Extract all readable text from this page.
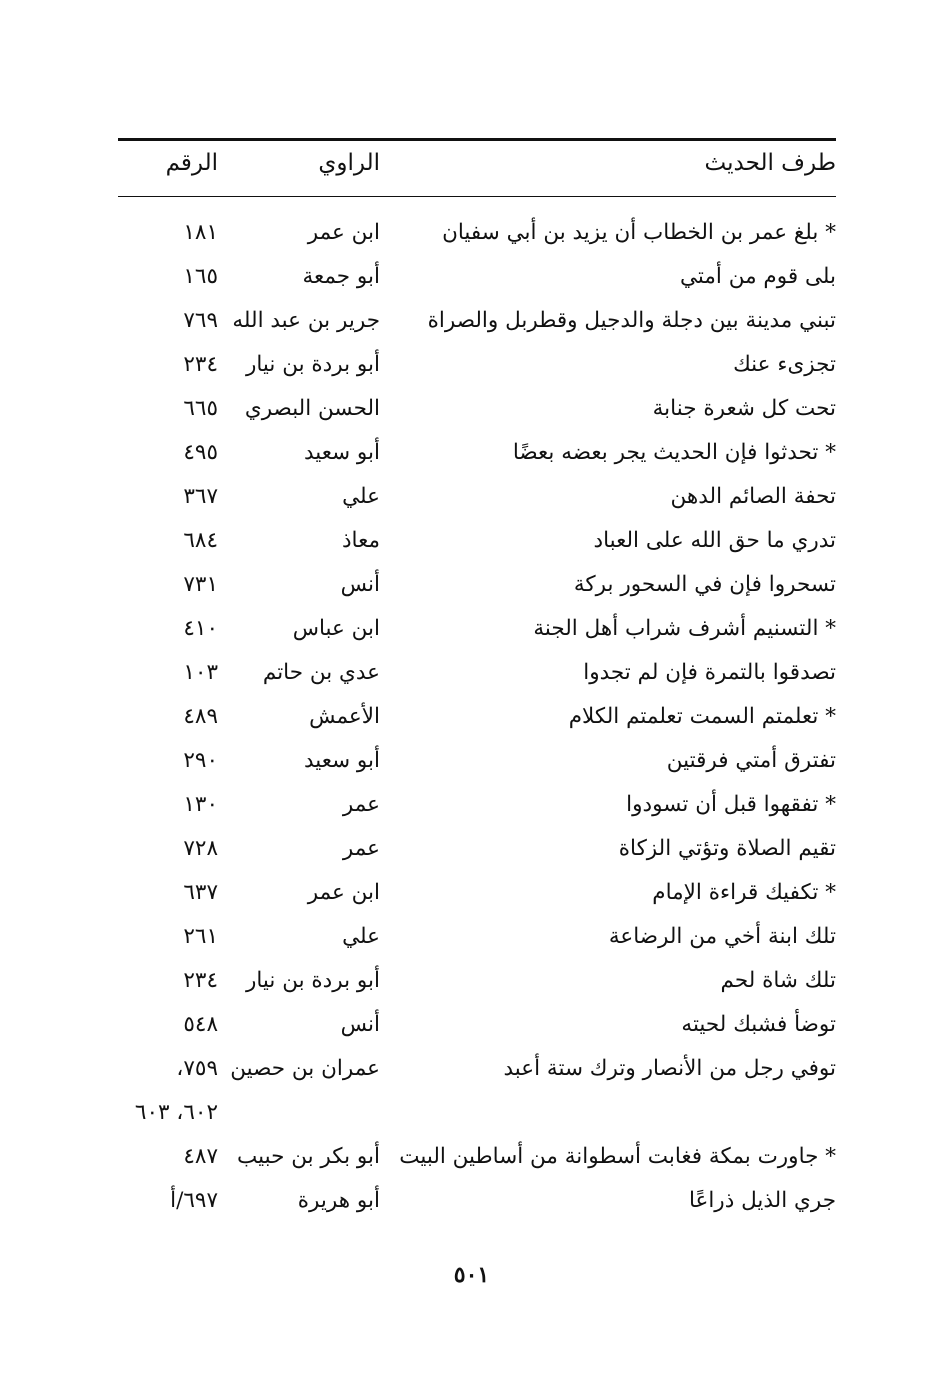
طرف الحديث
الراوي
الرقم
* بلغ عمر بن الخطاب أن يزيد بن أبي سفيان
ابن عمر
١٨١
بلى قوم من أمتي
أبو جمعة
١٦٥
تبني مدينة بين دجلة والدجيل وقطربل والصراة
جرير بن عبد الله
٧٦٩
تجزىء عنك
أبو بردة بن نيار
٢٣٤
تحت كل شعرة جنابة
الحسن البصري
٦٦٥
* تحدثوا فإن الحديث يجر بعضه بعضًا
أبو سعيد
٤٩٥
تحفة الصائم الدهن
علي
٣٦٧
تدري ما حق الله على العباد
معاذ
٦٨٤
تسحروا فإن في السحور بركة
أنس
٧٣١
* التسنيم أشرف شراب أهل الجنة
ابن عباس
٤١٠
تصدقوا بالتمرة فإن لم تجدوا
عدي بن حاتم
١٠٣
* تعلمتم السمت تعلمتم الكلام
الأعمش
٤٨٩
تفترق أمتي فرقتين
أبو سعيد
٢٩٠
* تفقهوا قبل أن تسودوا
عمر
١٣٠
تقيم الصلاة وتؤتي الزكاة
عمر
٧٢٨
* تكفيك قراءة الإمام
ابن عمر
٦٣٧
تلك ابنة أخي من الرضاعة
علي
٢٦١
تلك شاة لحم
أبو بردة بن نيار
٢٣٤
توضأ فشبك لحيته
أنس
٥٤٨
توفي رجل من الأنصار وترك ستة أعبد
عمران بن حصين
٧٥٩،
٦٠٢، ٦٠٣
* جاورت بمكة فغابت أسطوانة من أساطين البيت
أبو بكر بن حبيب
٤٨٧
جري الذيل ذراعًا
أبو هريرة
٦٩٧/أ
٥٠١
